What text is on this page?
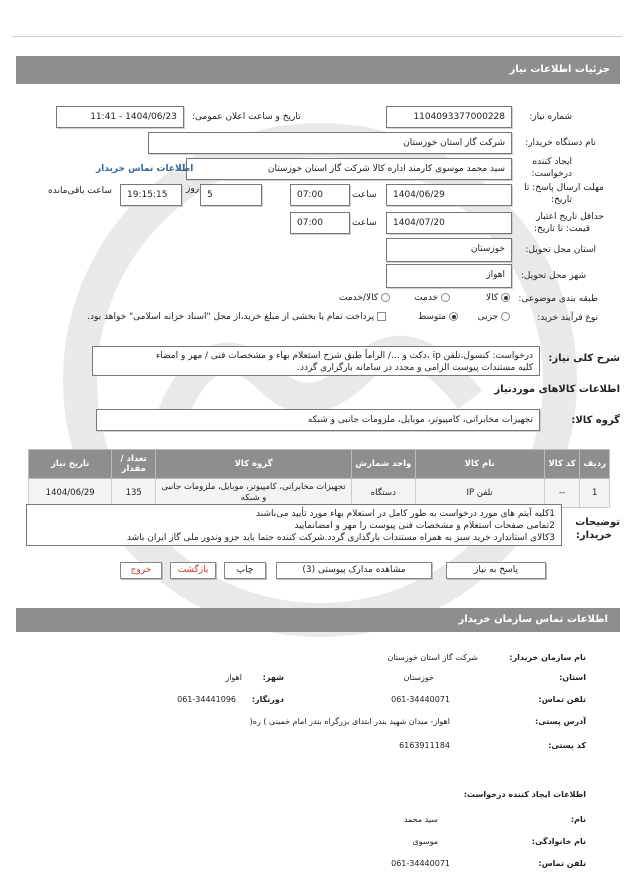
جزئیات اطلاعات نیاز
شماره نیاز:
1104093377000228
تاریخ و ساعت اعلان عمومی:
1404/06/23 - 11:41
نام دستگاه خریدار:
شرکت گاز استان خوزستان
ایجاد کننده
درخواست:
سید محمد موسوی کارمند اداره کالا شرکت گاز استان خوزستان
اطلاعات تماس خریدار
مهلت ارسال پاسخ: تا
تاریخ:
1404/06/29
ساعت
07:00
5
روز
19:15:15
ساعت باقی‌مانده
حداقل تاریخ اعتبار
قیمت: تا تاریخ:
1404/07/20
ساعت
07:00
استان محل تحویل:
خوزستان
شهر محل تحویل:
اهواز
طبقه بندی موضوعی:
کالا
خدمت
کالا/خدمت
نوع فرآیند خرید:
جزیی
متوسط
پرداخت تمام یا بخشی از مبلغ خرید،از محل "اسناد خزانه اسلامی" خواهد بود.
شرح کلی نیاز:
درخواست: کنسول،تلفن ip ،دکت و .../ الزاماً طبق شرح استعلام بهاء و مشخصات فنی / مهر و امضاء
کلیه مستندات پیوست الزامی و مجدد در سامانه بارگزاری گردد.
اطلاعات کالاهای موردنیاز
گروه کالا:
تجهیزات مخابراتی، کامپیوتر، موبایل، ملزومات جانبی و شبکه
ردیف	کد کالا	نام کالا	واحد شمارش	گروه کالا	تعداد / مقدار	تاریخ نیاز
1	--	تلفن IP	دستگاه	تجهیزات مخابراتی، کامپیوتر، موبایل، ملزومات جانبی و شبکه	135	1404/06/29
توضیحات
خریدار:
1کلیه آیتم های مورد درخواست به طور کامل در استعلام بهاء مورد تأیید می‌باشند
2تمامی صفحات استعلام و مشخصات فنی پیوست را مهر و امضانمایید
3کالای استاندارد خرید سبز به همراه مستندات بارگذاری گردد.شرکت کننده حتما باید جزو وندور ملی گاز ایران باشد
پاسخ به نیاز
مشاهده مدارک پیوستی (3)
چاپ
بازگشت
خروج
اطلاعات تماس سازمان خریدار
نام سازمان خریدار:
شرکت گاز استان خوزستان
استان:
خوزستان
شهر:
اهواز
تلفن تماس:
061-34440071
دورنگار:
061-34441096
آدرس پستی:
اهواز- میدان شهید بندر ابتدای بزرگراه بندر امام خمینی ) ره(
کد پستی:
6163911184
اطلاعات ایجاد کننده درخواست:
نام:
سید محمد
نام خانوادگی:
موسوی
تلفن تماس:
061-34440071
